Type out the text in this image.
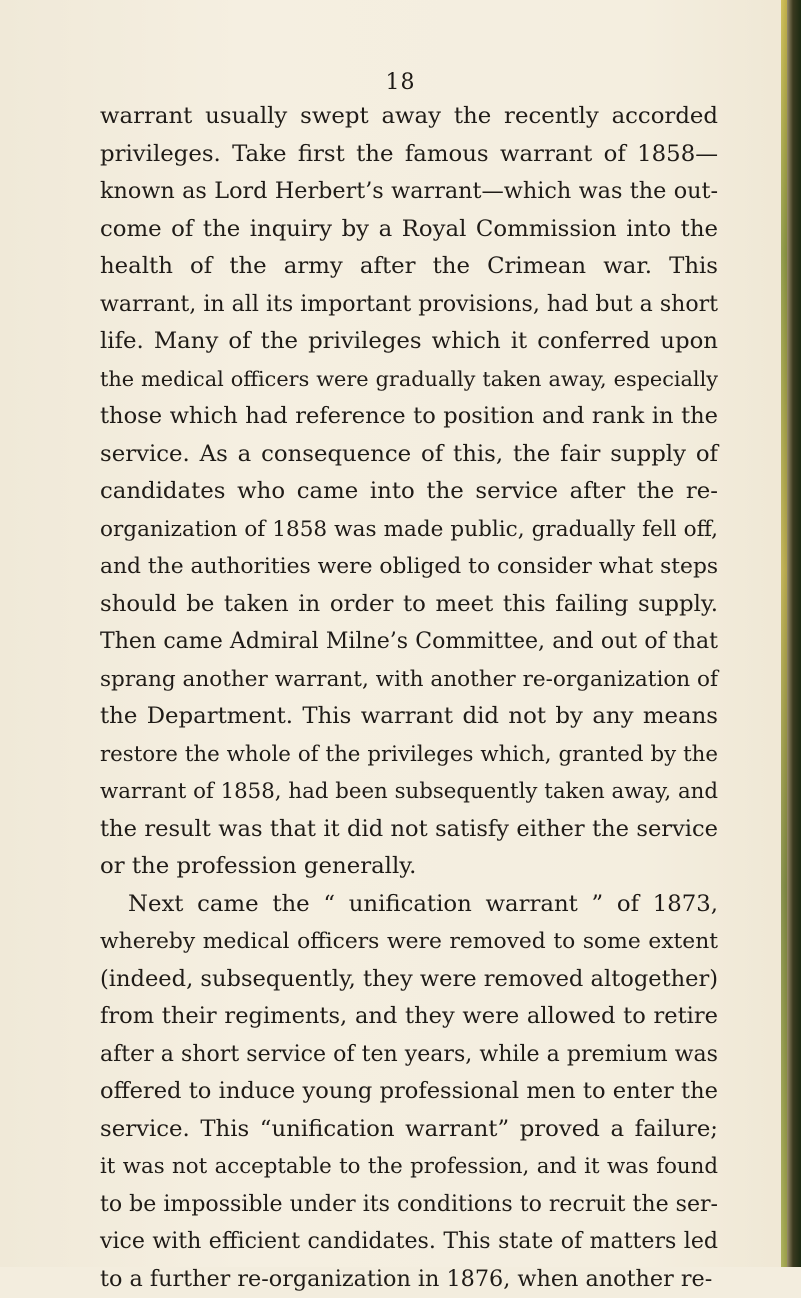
18
warrant usually swept away the recently accorded
privileges. Take first the famous warrant of 1858—
known as Lord Herbert’s warrant—which was the out-
come of the inquiry by a Royal Commission into the
health of the army after the Crimean war. This
warrant, in all its important provisions, had but a short
life. Many of the privileges which it conferred upon
the medical officers were gradually taken away, especially
those which had reference to position and rank in the
service. As a consequence of this, the fair supply of
candidates who came into the service after the re-
organization of 1858 was made public, gradually fell off,
and the authorities were obliged to consider what steps
should be taken in order to meet this failing supply.
Then came Admiral Milne’s Committee, and out of that
sprang another warrant, with another re-organization of
the Department. This warrant did not by any means
restore the whole of the privileges which, granted by the
warrant of 1858, had been subsequently taken away, and
the result was that it did not satisfy either the service
or the profession generally.
Next came the “ unification warrant ” of 1873,
whereby medical officers were removed to some extent
(indeed, subsequently, they were removed altogether)
from their regiments, and they were allowed to retire
after a short service of ten years, while a premium was
offered to induce young professional men to enter the
service. This “unification warrant” proved a failure;
it was not acceptable to the profession, and it was found
to be impossible under its conditions to recruit the ser-
vice with efficient candidates. This state of matters led
to a further re-organization in 1876, when another re-
